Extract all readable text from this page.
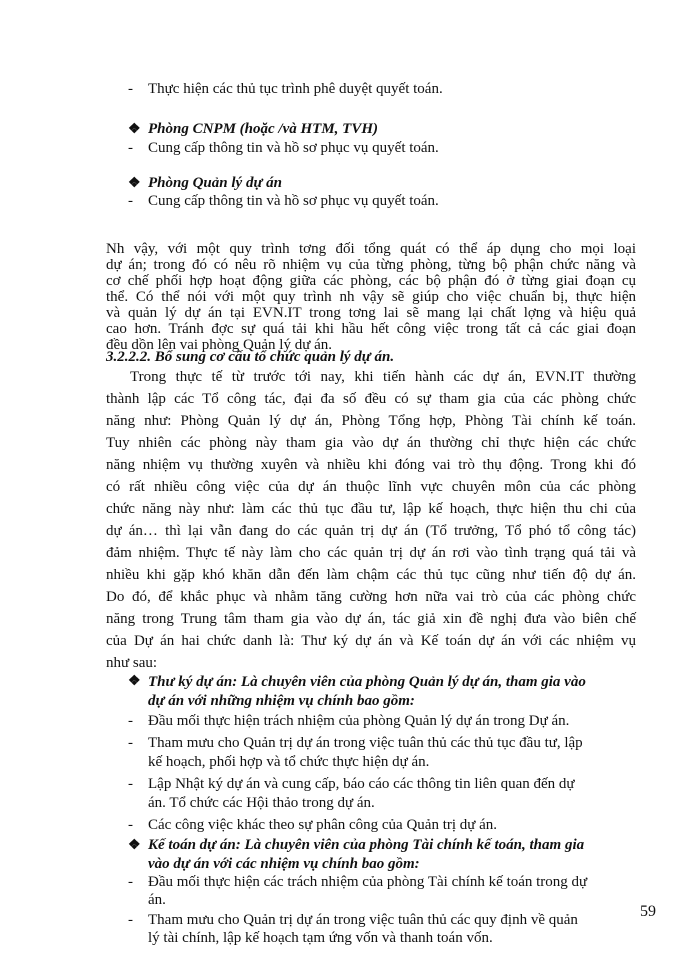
- Thực hiện các thủ tục trình phê duyệt quyết toán.
❖ Phòng CNPM (hoặc /và HTM, TVH)
- Cung cấp thông tin và hồ sơ phục vụ quyết toán.
❖ Phòng Quản lý dự án
- Cung cấp thông tin và hồ sơ phục vụ quyết toán.
Nh vậy, với một quy trình tơng đối tổng quát có thể áp dụng cho mọi loại
dự án; trong đó có nêu rõ nhiệm vụ của từng phòng, từng bộ phận chức năng và
cơ chế phối hợp hoạt động giữa các phòng, các bộ phận đó ở từng giai đoạn cụ
thể. Có thể nói với một quy trình nh vậy sẽ giúp cho việc chuẩn bị, thực hiện
và quản lý dự án tại EVN.IT trong tơng lai sẽ mang lại chất lợng và hiệu quả
cao hơn. Tránh đợc sự quá tải khi hầu hết công việc trong tất cả các giai đoạn
đều dồn lên vai phòng Quản lý dự án.
3.2.2.2. Bổ sung cơ cấu tổ chức quản lý dự án.
Trong thực tế từ trước tới nay, khi tiến hành các dự án, EVN.IT thường
thành lập các Tổ công tác, đại đa số đều có sự tham gia của các phòng chức
năng như: Phòng Quản lý dự án, Phòng Tổng hợp, Phòng Tài chính kế toán.
Tuy nhiên các phòng này tham gia vào dự án thường chỉ thực hiện các chức
năng nhiệm vụ thường xuyên và nhiều khi đóng vai trò thụ động. Trong khi đó
có rất nhiều công việc của dự án thuộc lĩnh vực chuyên môn của các phòng
chức năng này như: làm các thủ tục đầu tư, lập kế hoạch, thực hiện thu chi của
dự án… thì lại vẫn đang do các quản trị dự án (Tổ trưởng, Tổ phó tổ công tác)
đảm nhiệm. Thực tế này làm cho các quản trị dự án rơi vào tình trạng quá tải và
nhiều khi gặp khó khăn dẫn đến làm chậm các thủ tục cũng như tiến độ dự án.
Do đó, để khắc phục và nhằm tăng cường hơn nữa vai trò của các phòng chức
năng trong Trung tâm tham gia vào dự án, tác giả xin đề nghị đưa vào biên chế
của Dự án hai chức danh là: Thư ký dự án và Kế toán dự án với các nhiệm vụ
như sau:
❖ Thư ký dự án: Là chuyên viên của phòng Quản lý dự án, tham gia vào
dự án với những nhiệm vụ chính bao gồm:
- Đầu mối thực hiện trách nhiệm của phòng Quản lý dự án trong Dự án.
- Tham mưu cho Quản trị dự án trong việc tuân thủ các thủ tục đầu tư, lập
kế hoạch, phối hợp và tổ chức thực hiện dự án.
- Lập Nhật ký dự án và cung cấp, báo cáo các thông tin liên quan đến dự
án. Tổ chức các Hội thảo trong dự án.
- Các công việc khác theo sự phân công của Quản trị dự án.
❖ Kế toán dự án: Là chuyên viên của phòng Tài chính kế toán, tham gia
vào dự án với các nhiệm vụ chính bao gồm:
- Đầu mối thực hiện các trách nhiệm của phòng Tài chính kế toán trong dự
án.
- Tham mưu cho Quản trị dự án trong việc tuân thủ các quy định về quản
lý tài chính, lập kế hoạch tạm ứng vốn và thanh toán vốn.
59
